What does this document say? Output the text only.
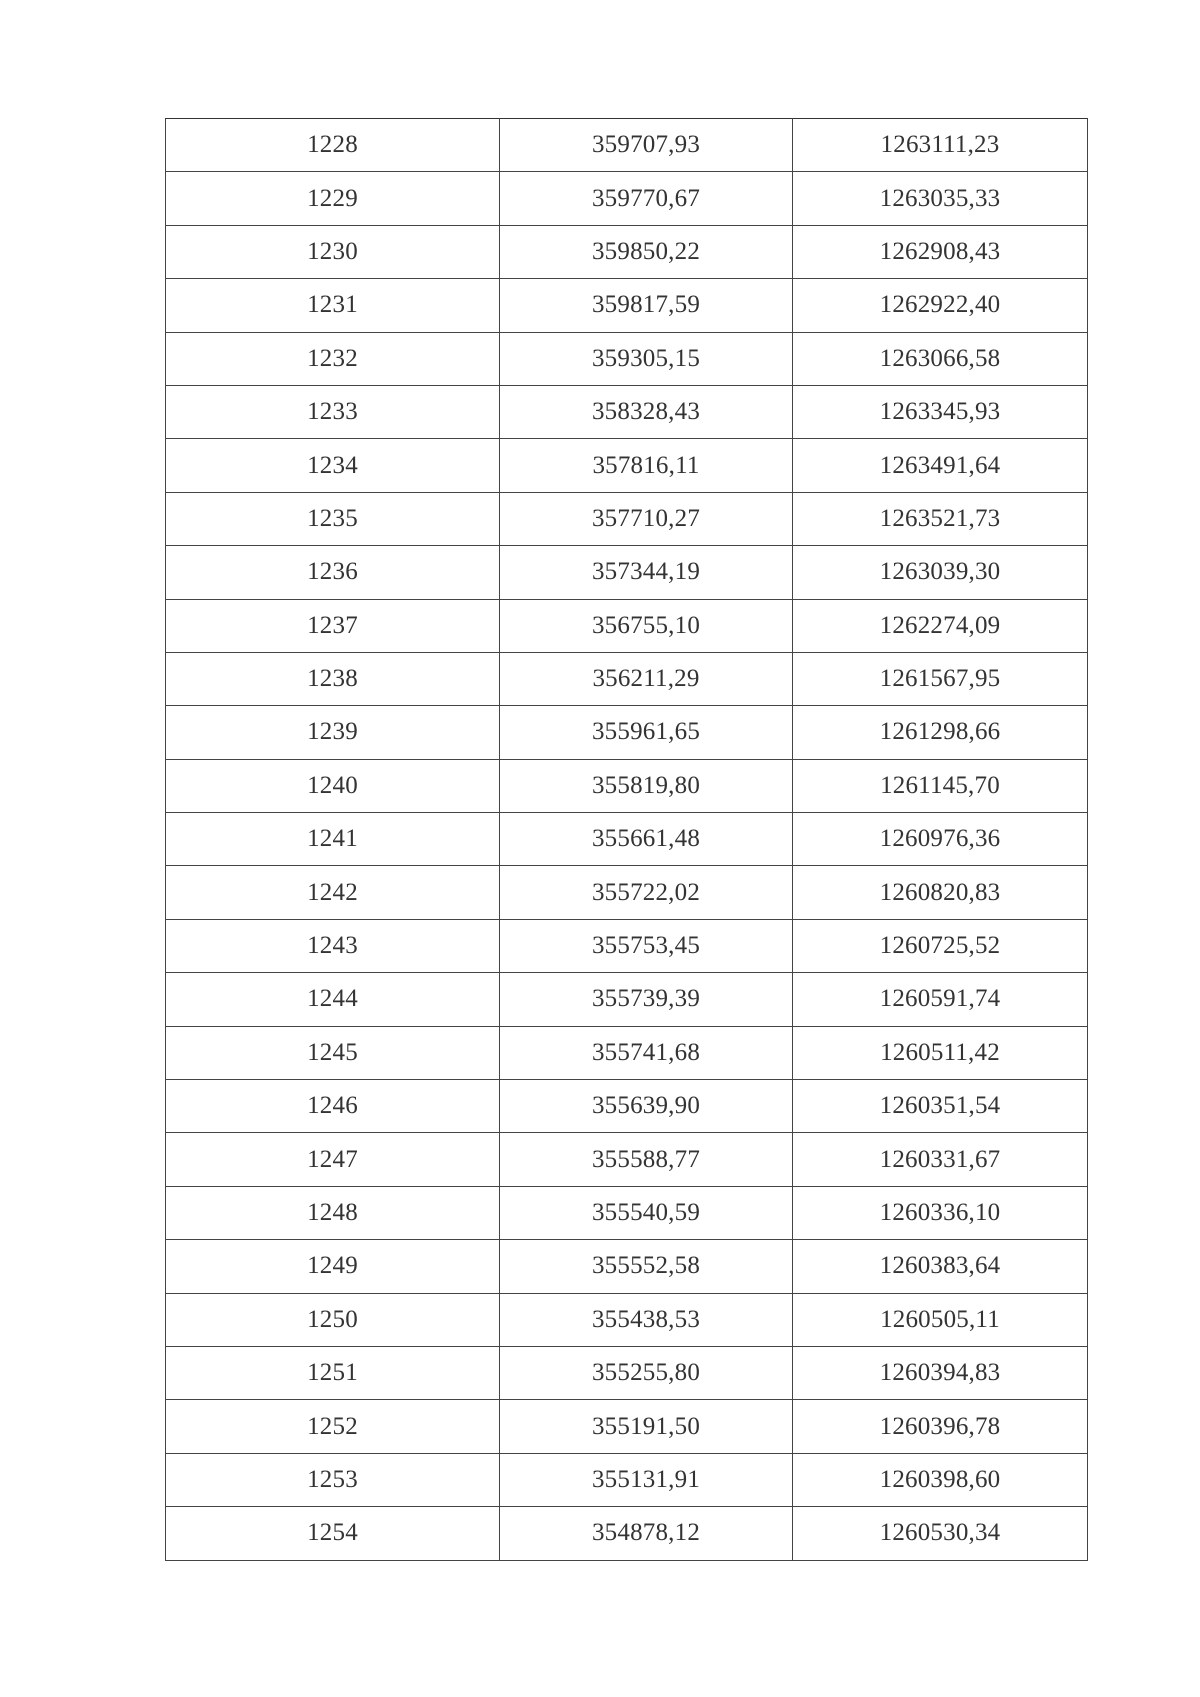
1228	359707,93	1263111,23
1229	359770,67	1263035,33
1230	359850,22	1262908,43
1231	359817,59	1262922,40
1232	359305,15	1263066,58
1233	358328,43	1263345,93
1234	357816,11	1263491,64
1235	357710,27	1263521,73
1236	357344,19	1263039,30
1237	356755,10	1262274,09
1238	356211,29	1261567,95
1239	355961,65	1261298,66
1240	355819,80	1261145,70
1241	355661,48	1260976,36
1242	355722,02	1260820,83
1243	355753,45	1260725,52
1244	355739,39	1260591,74
1245	355741,68	1260511,42
1246	355639,90	1260351,54
1247	355588,77	1260331,67
1248	355540,59	1260336,10
1249	355552,58	1260383,64
1250	355438,53	1260505,11
1251	355255,80	1260394,83
1252	355191,50	1260396,78
1253	355131,91	1260398,60
1254	354878,12	1260530,34
